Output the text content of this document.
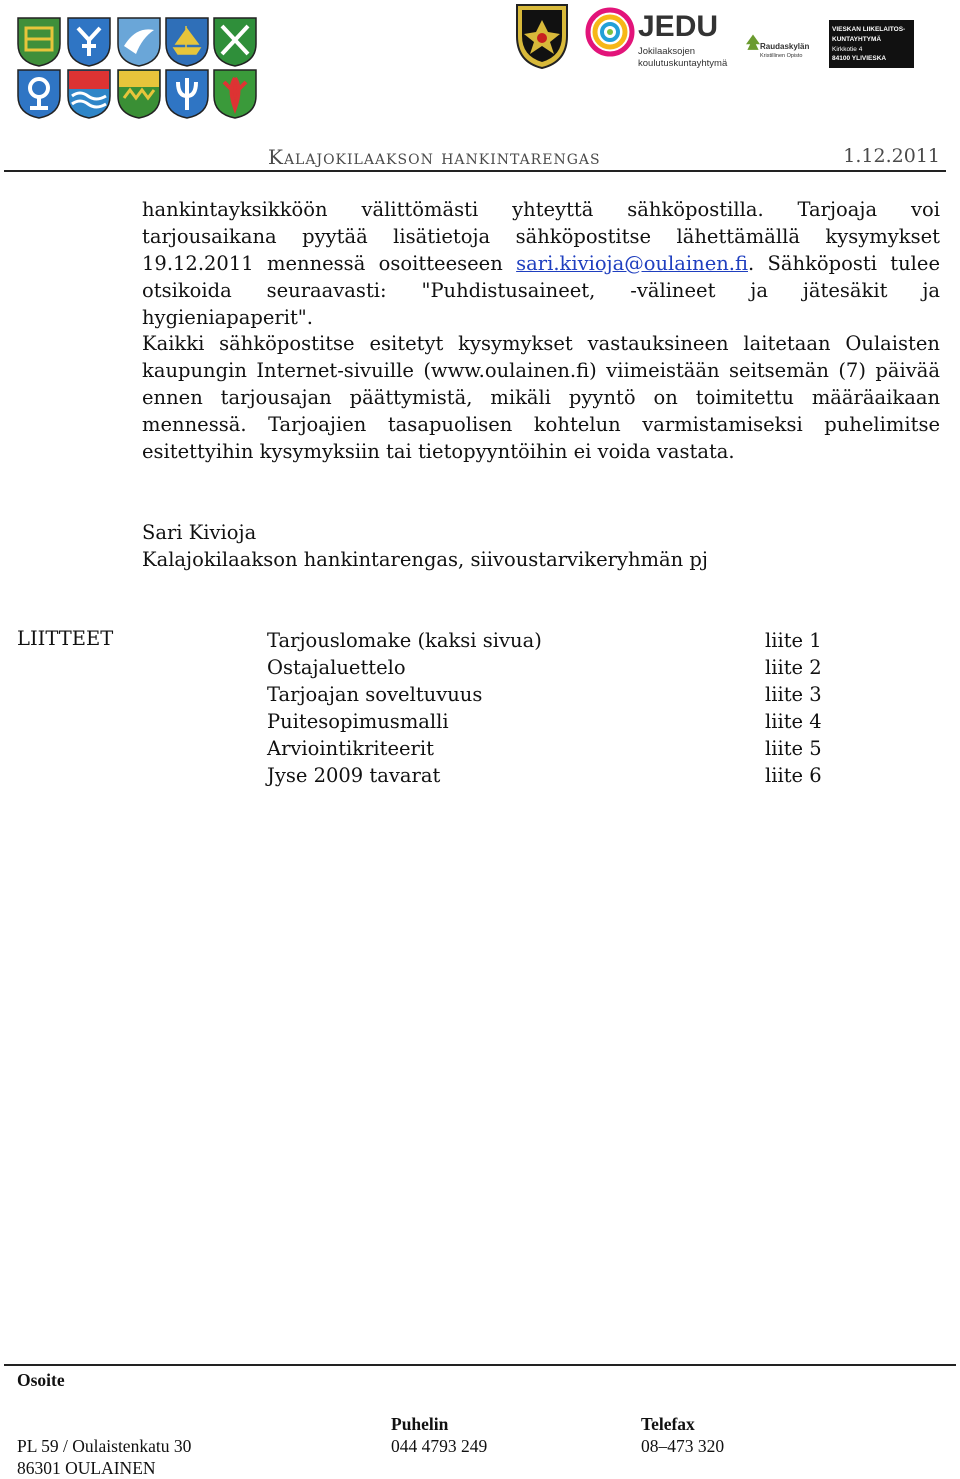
JEDU
Jokilaaksojen
koulutuskuntayhtymä
Raudaskylän
Kristillinen Opisto
VIESKAN LIIKELAITOS-
KUNTAYHTYMÄ
Kirkkotie 4
84100 YLIVIESKA
Kalajokilaakson hankintarengas	1.12.2011
hankintayksikköön välittömästi yhteyttä sähköpostilla. Tarjoaja voi tarjousaikana pyytää lisätietoja sähköpostitse lähettämällä kysymykset 19.12.2011 mennessä osoitteeseen sari.kivioja@oulainen.fi. Sähköposti tulee otsikoida seuraavasti: "Puhdistusaineet, -välineet ja jätesäkit ja hygieniapaperit".
Kaikki sähköpostitse esitetyt kysymykset vastauksineen laitetaan Oulaisten kaupungin Internet-sivuille (www.oulainen.fi) viimeistään seitsemän (7) päivää ennen tarjousajan päättymistä, mikäli pyyntö on toimitettu määräaikaan mennessä. Tarjoajien tasapuolisen kohtelun varmistamiseksi puhelimitse esitettyihin kysymyksiin tai tietopyyntöihin ei voida vastata.
Sari Kivioja
Kalajokilaakson hankintarengas, siivoustarvikeryhmän pj
LIITTEET	Tarjouslomake (kaksi sivua)	liite 1
Ostajaluettelo	liite 2
Tarjoajan soveltuvuus	liite 3
Puitesopimusmalli	liite 4
Arviointikriteerit	liite 5
Jyse 2009 tavarat	liite 6
Osoite
Puhelin	Telefax
PL 59 / Oulaistenkatu 30
86301 OULAINEN
044 4793 249	08–473 320
